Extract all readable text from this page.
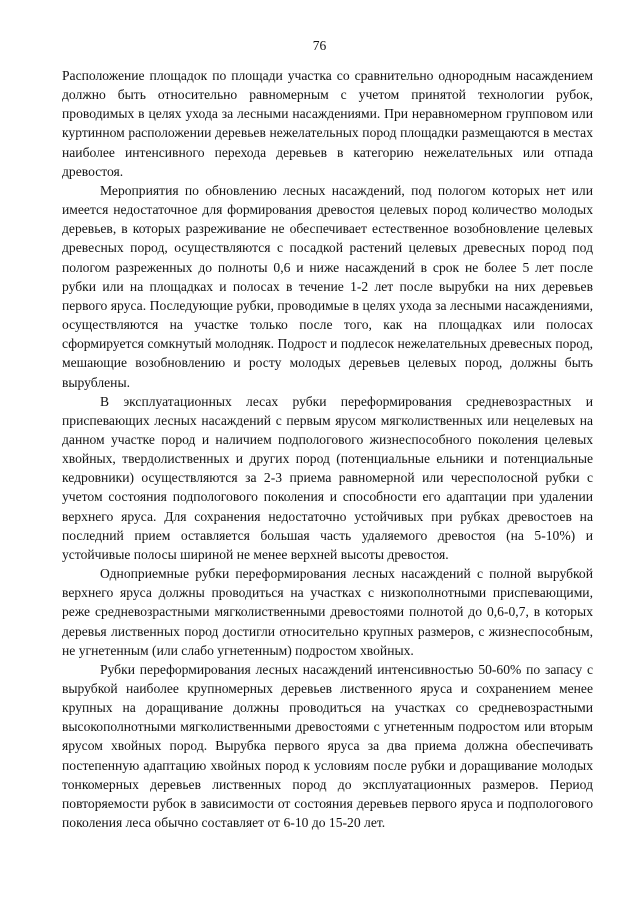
76

Расположение площадок по площади участка со сравнительно однородным насаждением должно быть относительно равномерным с учетом принятой технологии рубок, проводимых в целях ухода за лесными насаждениями. При неравномерном групповом или куртинном расположении деревьев нежелательных пород площадки размещаются в местах наиболее интенсивного перехода деревьев в категорию нежелательных или отпада древостоя.

Мероприятия по обновлению лесных насаждений, под пологом которых нет или имеется недостаточное для формирования древостоя целевых пород количество молодых деревьев, в которых разреживание не обеспечивает естественное возобновление целевых древесных пород, осуществляются с посадкой растений целевых древесных пород под пологом разреженных до полноты 0,6 и ниже насаждений в срок не более 5 лет после рубки или на площадках и полосах в течение 1-2 лет после вырубки на них деревьев первого яруса. Последующие рубки, проводимые в целях ухода за лесными насаждениями, осуществляются на участке только после того, как на площадках или полосах сформируется сомкнутый молодняк. Подрост и подлесок нежелательных древесных пород, мешающие возобновлению и росту молодых деревьев целевых пород, должны быть вырублены.

В эксплуатационных лесах рубки переформирования средневозрастных и приспевающих лесных насаждений с первым ярусом мягколиственных или нецелевых на данном участке пород и наличием подпологового жизнеспособного поколения целевых хвойных, твердолиственных и других пород (потенциальные ельники и потенциальные кедровники) осуществляются за 2-3 приема равномерной или чересполосной рубки с учетом состояния подпологового поколения и способности его адаптации при удалении верхнего яруса. Для сохранения недостаточно устойчивых при рубках древостоев на последний прием оставляется большая часть удаляемого древостоя (на 5-10%) и устойчивые полосы шириной не менее верхней высоты древостоя.

Одноприемные рубки переформирования лесных насаждений с полной вырубкой верхнего яруса должны проводиться на участках с низкополнотными приспевающими, реже средневозрастными мягколиственными древостоями полнотой до 0,6-0,7, в которых деревья лиственных пород достигли относительно крупных размеров, с жизнеспособным, не угнетенным (или слабо угнетенным) подростом хвойных.

Рубки переформирования лесных насаждений интенсивностью 50-60% по запасу с вырубкой наиболее крупномерных деревьев лиственного яруса и сохранением менее крупных на доращивание должны проводиться на участках со средневозрастными высокополнотными мягколиственными древостоями с угнетенным подростом или вторым ярусом хвойных пород. Вырубка первого яруса за два приема должна обеспечивать постепенную адаптацию хвойных пород к условиям после рубки и доращивание молодых тонкомерных деревьев лиственных пород до эксплуатационных размеров. Период повторяемости рубок в зависимости от состояния деревьев первого яруса и подпологового поколения леса обычно составляет от 6-10 до 15-20 лет.
